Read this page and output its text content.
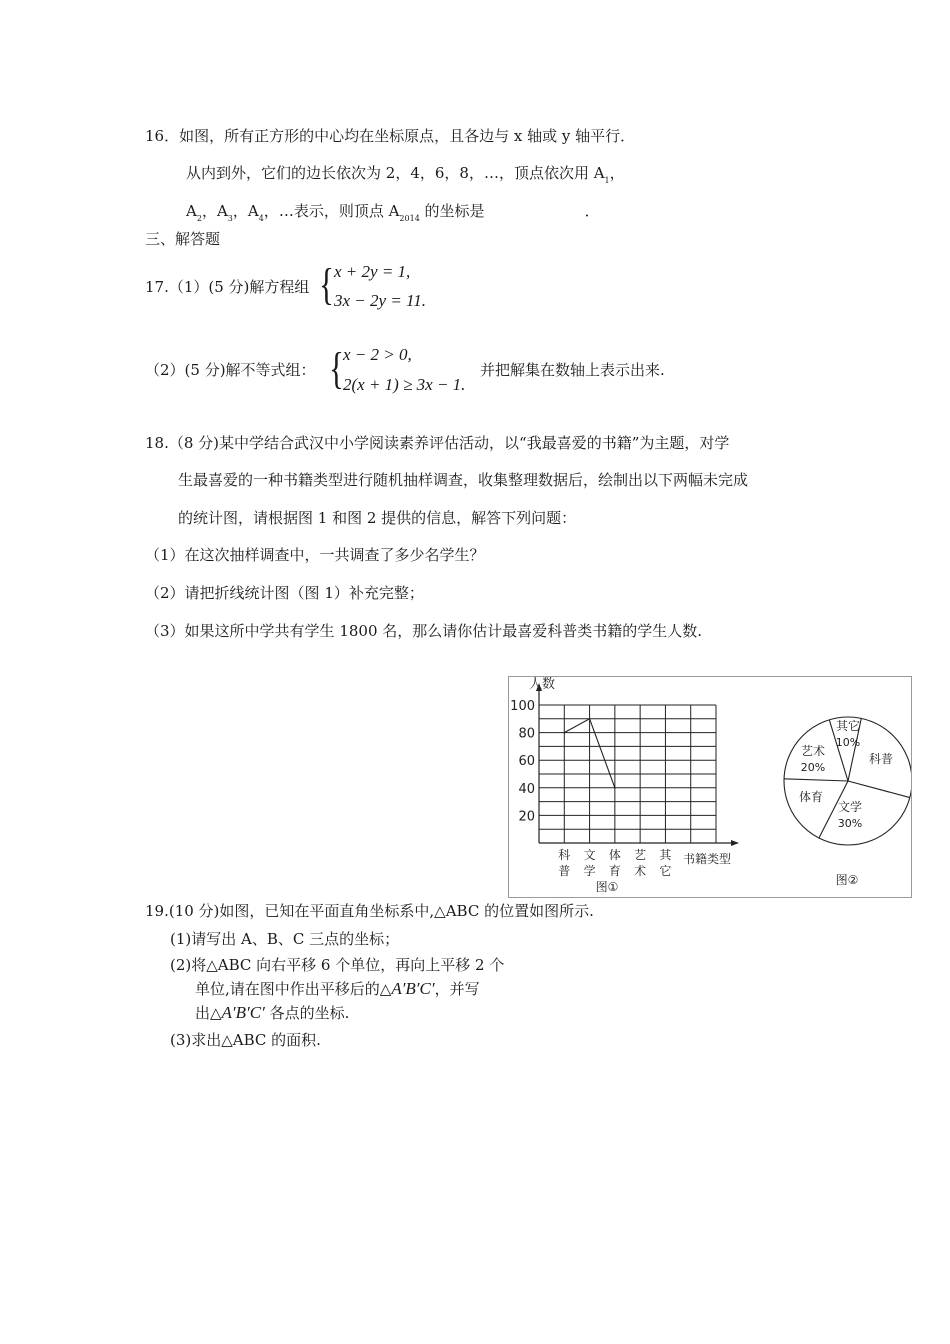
16．如图，所有正方形的中心均在坐标原点，且各边与 x 轴或 y 轴平行．
从内到外，它们的边长依次为 2，4，6，8，…，顶点依次用 $A_1$，
$A_2$，$A_3$，$A_4$，…表示，则顶点 $A_{2014}$ 的坐标是	．
三、解答题
17.（1）(5 分)解方程组 { x + 2y = 1,
3x − 2y = 11.
（2）(5 分)解不等式组： { x − 2 > 0,
2(x + 1) ≥ 3x − 1.
并把解集在数轴上表示出来.
18.（8 分)某中学结合武汉中小学阅读素养评估活动，以“我最喜爱的书籍”为主题，对学
生最喜爱的一种书籍类型进行随机抽样调查，收集整理数据后，绘制出以下两幅未完成
的统计图，请根据图 1 和图 2 提供的信息，解答下列问题：
（1）在这次抽样调查中，一共调查了多少名学生？
（2）请把折线统计图（图 1）补充完整；
（3）如果这所中学共有学生 1800 名，那么请你估计最喜爱科普类书籍的学生人数.
人数
书籍类型
图①
20
40
60
80
100
科
普
文
学
体
育
艺
术
其
它
其它
10%
科普
艺术
20%
体育
文学
30%
图②
19.(10 分)如图，已知在平面直角坐标系中,△ABC 的位置如图所示.
(1)请写出 A、B、C 三点的坐标；
(2)将△ABC 向右平移 6 个单位，再向上平移 2 个
单位,请在图中作出平移后的△A′B′C′，并写
出△A′B′C′ 各点的坐标.
(3)求出△ABC 的面积.
